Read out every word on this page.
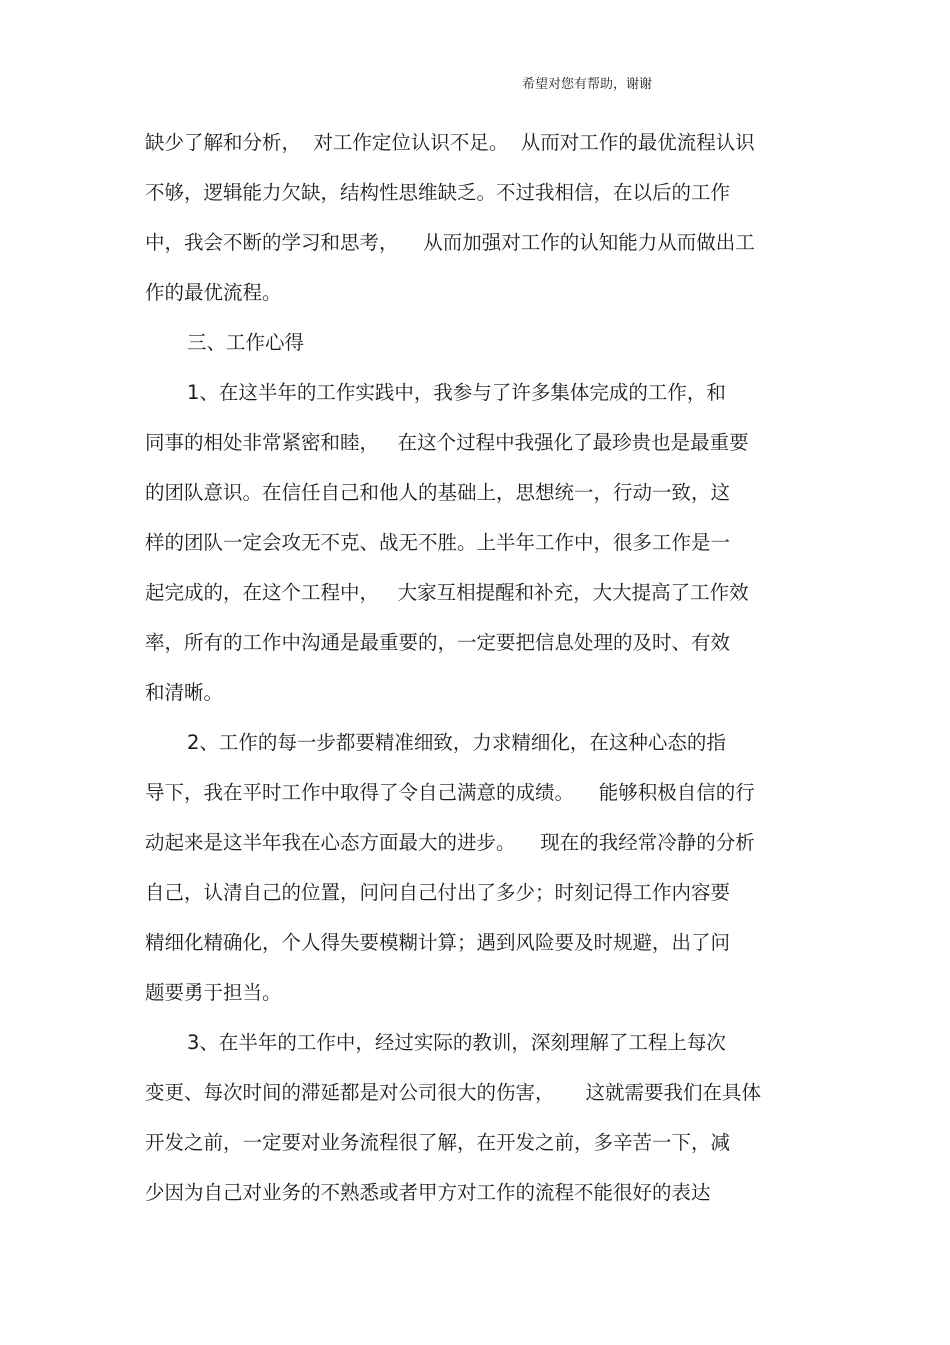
希望对您有帮助，谢谢
缺少了解和分析，  对工作定位认识不足。  从而对工作的最优流程认识
不够，逻辑能力欠缺，结构性思维缺乏。不过我相信，在以后的工作
中，我会不断的学习和思考，    从而加强对工作的认知能力从而做出工
作的最优流程。
三、工作心得
1、在这半年的工作实践中，我参与了许多集体完成的工作，和
同事的相处非常紧密和睦，   在这个过程中我强化了最珍贵也是最重要
的团队意识。在信任自己和他人的基础上，思想统一，行动一致，这
样的团队一定会攻无不克、战无不胜。上半年工作中，很多工作是一
起完成的，在这个工程中，   大家互相提醒和补充，大大提高了工作效
率，所有的工作中沟通是最重要的，一定要把信息处理的及时、有效
和清晰。
2、工作的每一步都要精准细致，力求精细化，在这种心态的指
导下，我在平时工作中取得了令自己满意的成绩。    能够积极自信的行
动起来是这半年我在心态方面最大的进步。    现在的我经常冷静的分析
自己，认清自己的位置，问问自己付出了多少；时刻记得工作内容要
精细化精确化，个人得失要模糊计算；遇到风险要及时规避，出了问
题要勇于担当。
3、在半年的工作中，经过实际的教训，深刻理解了工程上每次
变更、每次时间的滞延都是对公司很大的伤害，     这就需要我们在具体
开发之前，一定要对业务流程很了解，在开发之前，多辛苦一下，减
少因为自己对业务的不熟悉或者甲方对工作的流程不能很好的表达
